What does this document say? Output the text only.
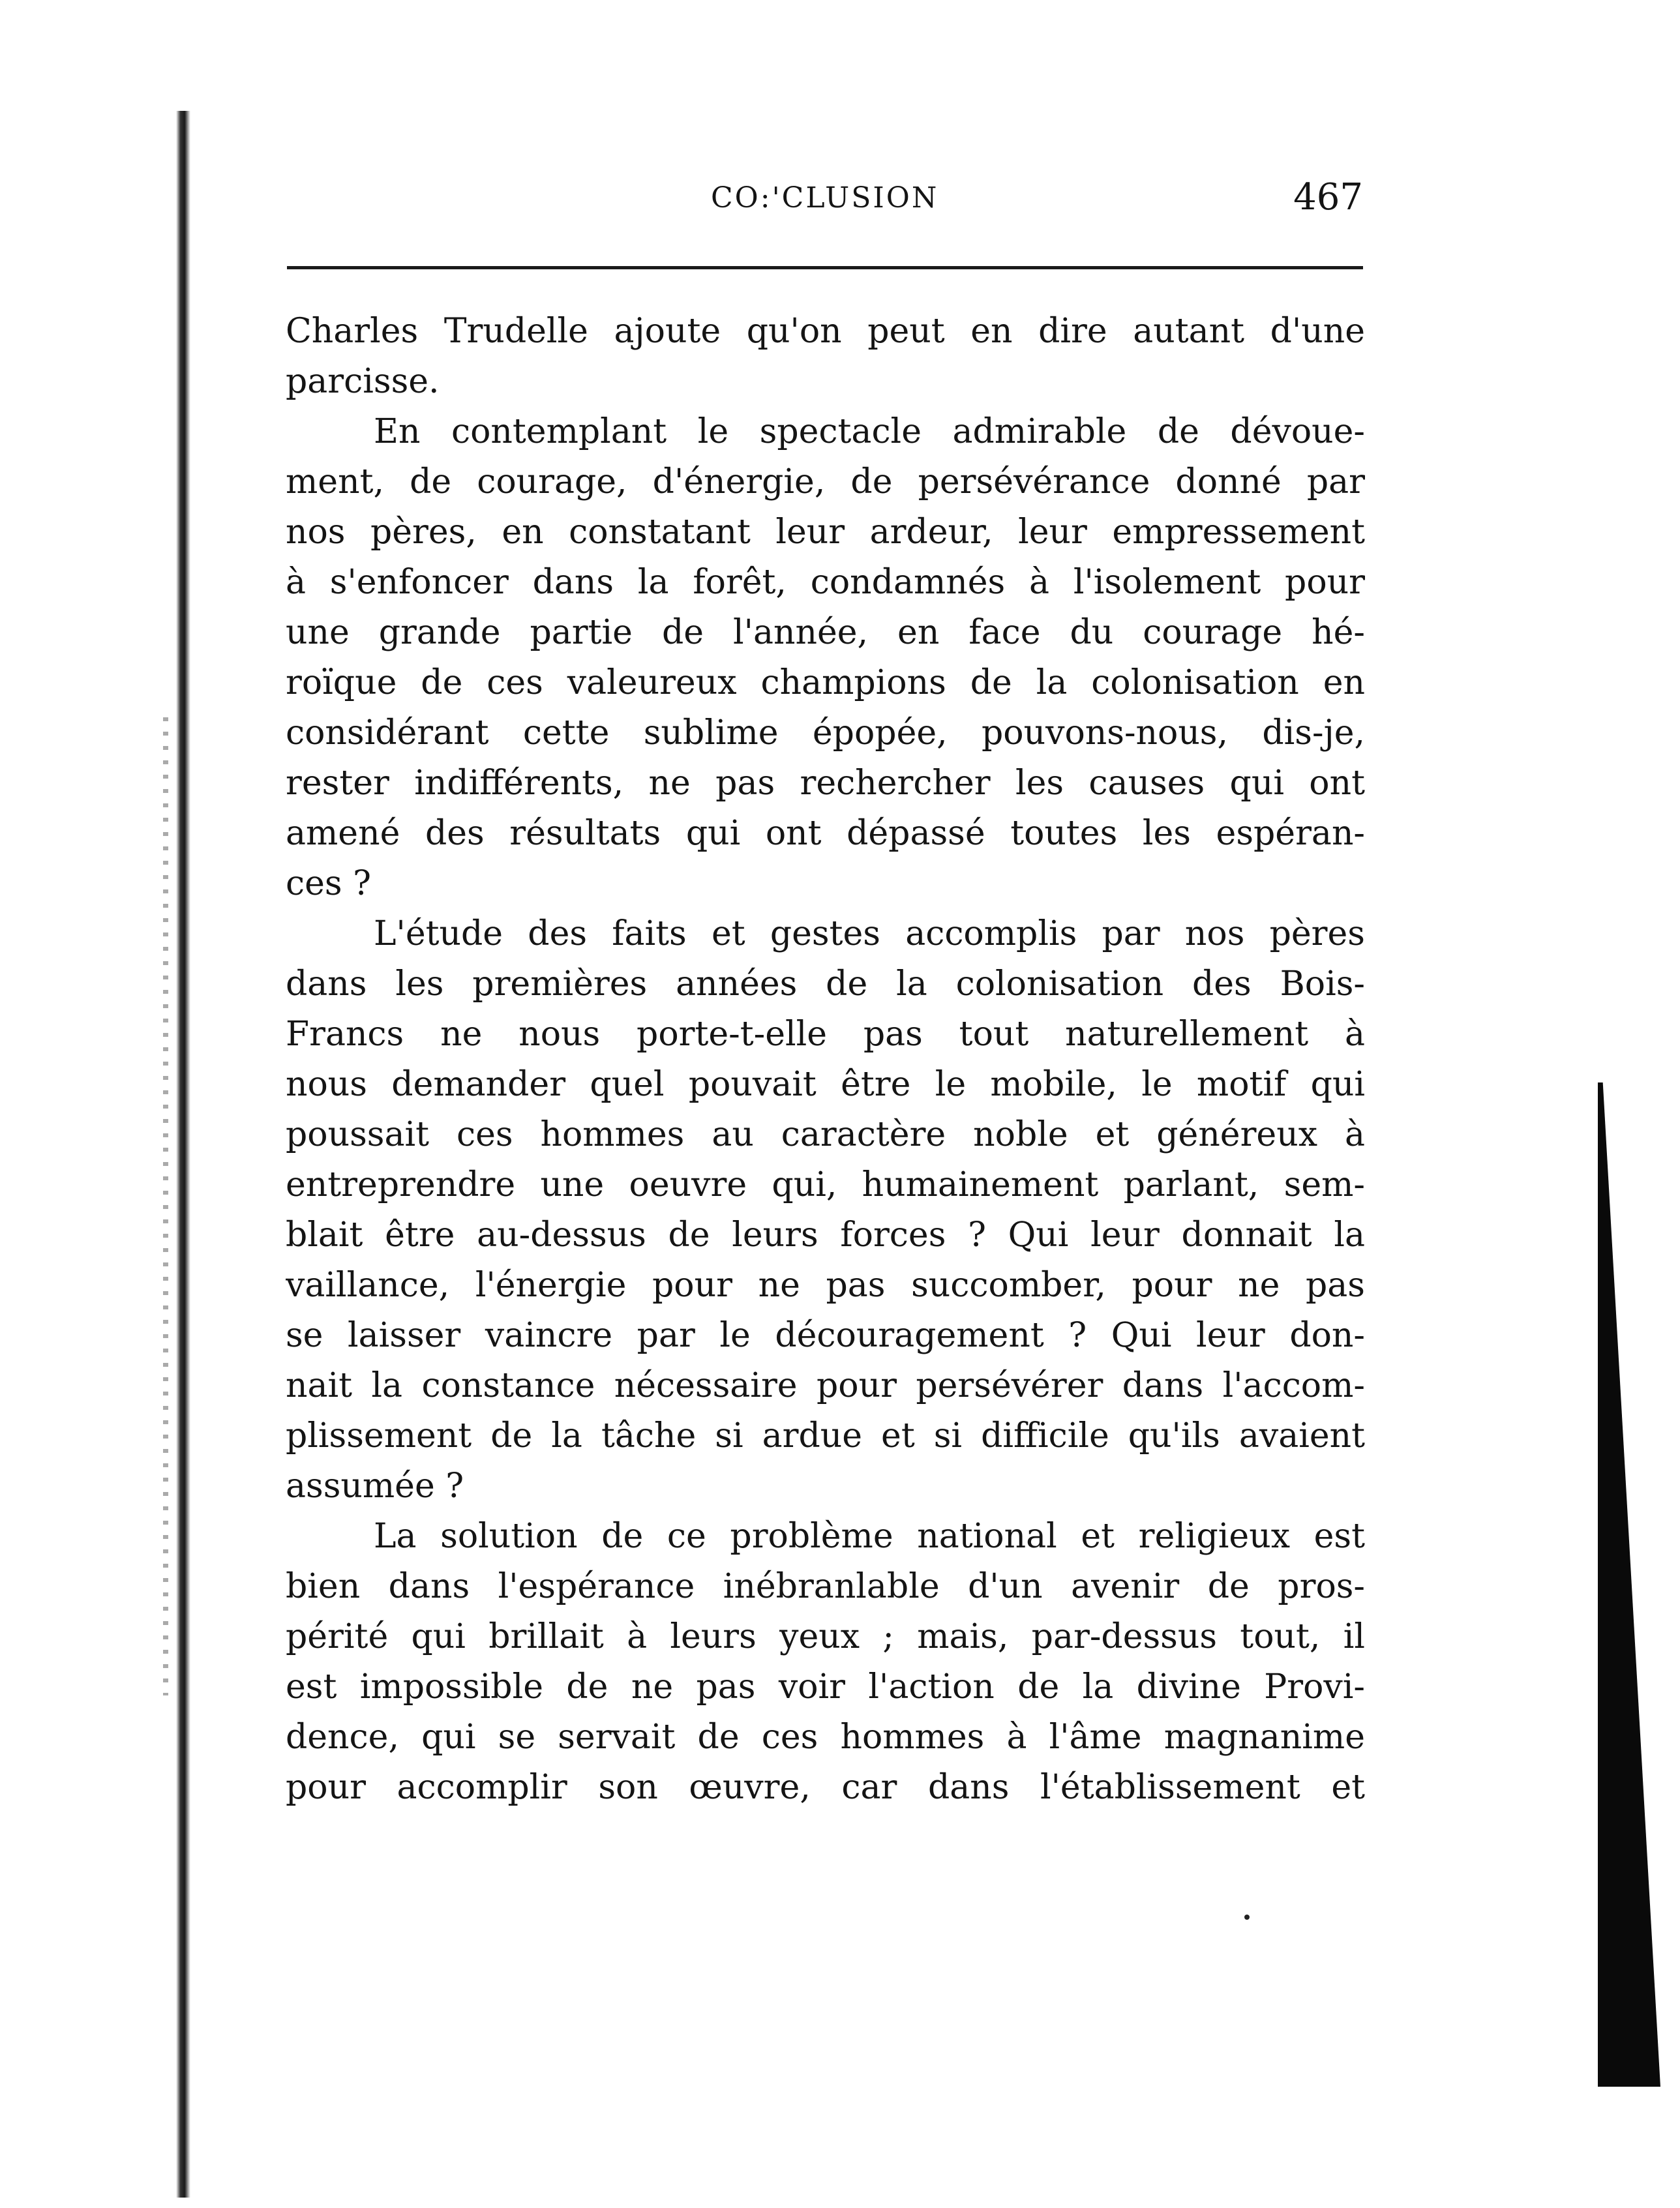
CO:'CLUSION	467
Charles Trudelle ajoute qu'on peut en dire autant d'une
parcisse.
En contemplant le spectacle admirable de dévoue-
ment, de courage, d'énergie, de persévérance donné par
nos pères, en constatant leur ardeur, leur empressement
à s'enfoncer dans la forêt, condamnés à l'isolement pour
une grande partie de l'année, en face du courage hé-
roïque de ces valeureux champions de la colonisation en
considérant cette sublime épopée, pouvons-nous, dis-je,
rester indifférents, ne pas rechercher les causes qui ont
amené des résultats qui ont dépassé toutes les espéran-
ces ?
L'étude des faits et gestes accomplis par nos pères
dans les premières années de la colonisation des Bois-
Francs ne nous porte-t-elle pas tout naturellement à
nous demander quel pouvait être le mobile, le motif qui
poussait ces hommes au caractère noble et généreux à
entreprendre une oeuvre qui, humainement parlant, sem-
blait être au-dessus de leurs forces ? Qui leur donnait la
vaillance, l'énergie pour ne pas succomber, pour ne pas
se laisser vaincre par le découragement ? Qui leur don-
nait la constance nécessaire pour persévérer dans l'accom-
plissement de la tâche si ardue et si difficile qu'ils avaient
assumée ?
La solution de ce problème national et religieux est
bien dans l'espérance inébranlable d'un avenir de pros-
périté qui brillait à leurs yeux ; mais, par-dessus tout, il
est impossible de ne pas voir l'action de la divine Provi-
dence, qui se servait de ces hommes à l'âme magnanime
pour accomplir son œuvre, car dans l'établissement et
